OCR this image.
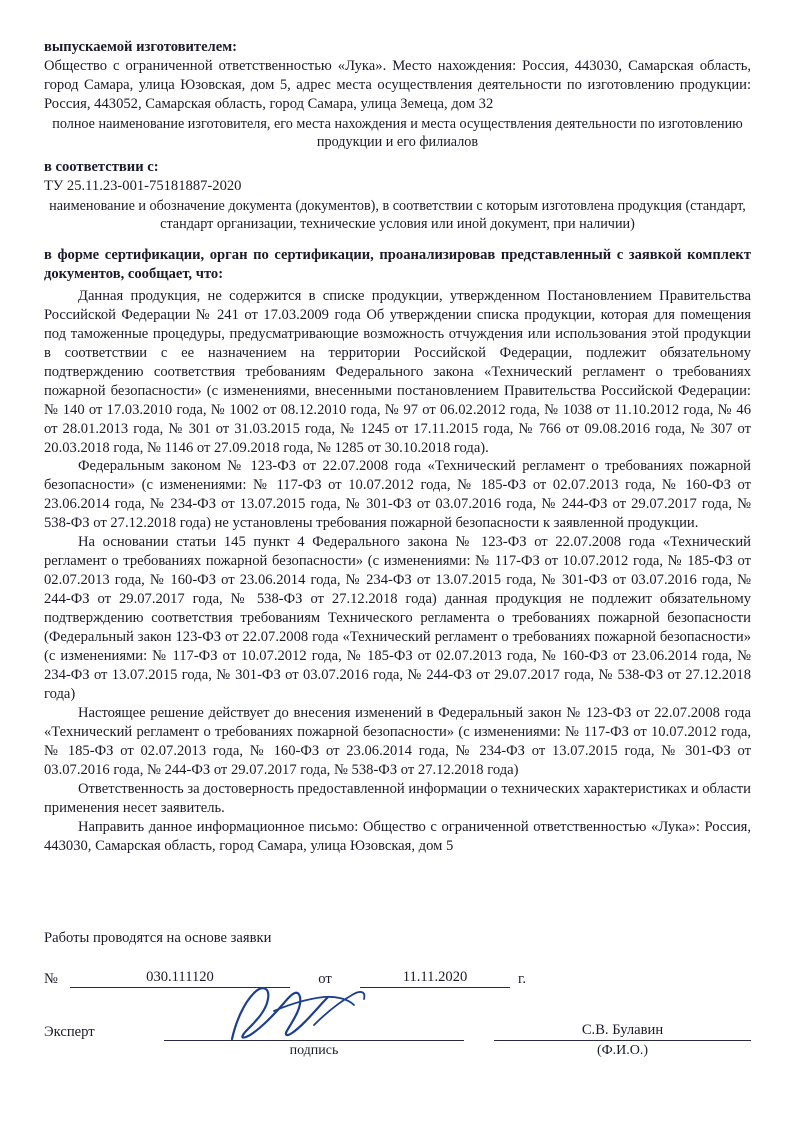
выпускаемой изготовителем:
Общество с ограниченной ответственностью «Лука». Место нахождения: Россия, 443030, Самарская область, город Самара, улица Юзовская, дом 5, адрес места осуществления деятельности по изготовлению продукции: Россия, 443052, Самарская область, город Самара, улица Земеца, дом 32
полное наименование изготовителя, его места нахождения и места осуществления деятельности по изготовлению продукции и его филиалов
в соответствии с:
ТУ 25.11.23-001-75181887-2020
наименование и обозначение документа (документов), в соответствии с которым изготовлена продукция (стандарт, стандарт организации, технические условия или иной документ, при наличии)
в форме сертификации, орган по сертификации, проанализировав представленный с заявкой комплект документов, сообщает, что:
Данная продукция, не содержится в списке продукции, утвержденном Постановлением Правительства Российской Федерации № 241 от 17.03.2009 года Об утверждении списка продукции, которая для помещения под таможенные процедуры, предусматривающие возможность отчуждения или использования этой продукции в соответствии с ее назначением на территории Российской Федерации, подлежит обязательному подтверждению соответствия требованиям Федерального закона «Технический регламент о требованиях пожарной безопасности» (с изменениями, внесенными постановлением Правительства Российской Федерации: № 140 от 17.03.2010 года, № 1002 от 08.12.2010 года, № 97 от 06.02.2012 года, № 1038 от 11.10.2012 года, № 46 от 28.01.2013 года, № 301 от 31.03.2015 года, № 1245 от 17.11.2015 года, № 766 от 09.08.2016 года, № 307 от 20.03.2018 года, № 1146 от 27.09.2018 года, № 1285 от 30.10.2018 года).
Федеральным законом № 123-ФЗ от 22.07.2008 года «Технический регламент о требованиях пожарной безопасности» (с изменениями: № 117-ФЗ от 10.07.2012 года, № 185-ФЗ от 02.07.2013 года, № 160-ФЗ от 23.06.2014 года, № 234-ФЗ от 13.07.2015 года, № 301-ФЗ от 03.07.2016 года, № 244-ФЗ от 29.07.2017 года, № 538-ФЗ от 27.12.2018 года) не установлены требования пожарной безопасности к заявленной продукции.
На основании статьи 145 пункт 4 Федерального закона № 123-ФЗ от 22.07.2008 года «Технический регламент о требованиях пожарной безопасности» (с изменениями: № 117-ФЗ от 10.07.2012 года, № 185-ФЗ от 02.07.2013 года, № 160-ФЗ от 23.06.2014 года, № 234-ФЗ от 13.07.2015 года, № 301-ФЗ от 03.07.2016 года, № 244-ФЗ от 29.07.2017 года, № 538-ФЗ от 27.12.2018 года) данная продукция не подлежит обязательному подтверждению соответствия требованиям Технического регламента о требованиях пожарной безопасности (Федеральный закон 123-ФЗ от 22.07.2008 года «Технический регламент о требованиях пожарной безопасности» (с изменениями: № 117-ФЗ от 10.07.2012 года, № 185-ФЗ от 02.07.2013 года, № 160-ФЗ от 23.06.2014 года, № 234-ФЗ от 13.07.2015 года, № 301-ФЗ от 03.07.2016 года, № 244-ФЗ от 29.07.2017 года, № 538-ФЗ от 27.12.2018 года)
Настоящее решение действует до внесения изменений в Федеральный закон № 123-ФЗ от 22.07.2008 года «Технический регламент о требованиях пожарной безопасности» (с изменениями: № 117-ФЗ от 10.07.2012 года, № 185-ФЗ от 02.07.2013 года, № 160-ФЗ от 23.06.2014 года, № 234-ФЗ от 13.07.2015 года, № 301-ФЗ от 03.07.2016 года, № 244-ФЗ от 29.07.2017 года, № 538-ФЗ от 27.12.2018 года)
Ответственность за достоверность предоставленной информации о технических характеристиках и области применения несет заявитель.
Направить данное информационное письмо: Общество с ограниченной ответственностью «Лука»: Россия, 443030, Самарская область, город Самара, улица Юзовская, дом 5
Работы проводятся на основе заявки
№	030.111120	от	11.11.2020	г.
Эксперт	С.В. Булавин
подпись	(Ф.И.О.)
